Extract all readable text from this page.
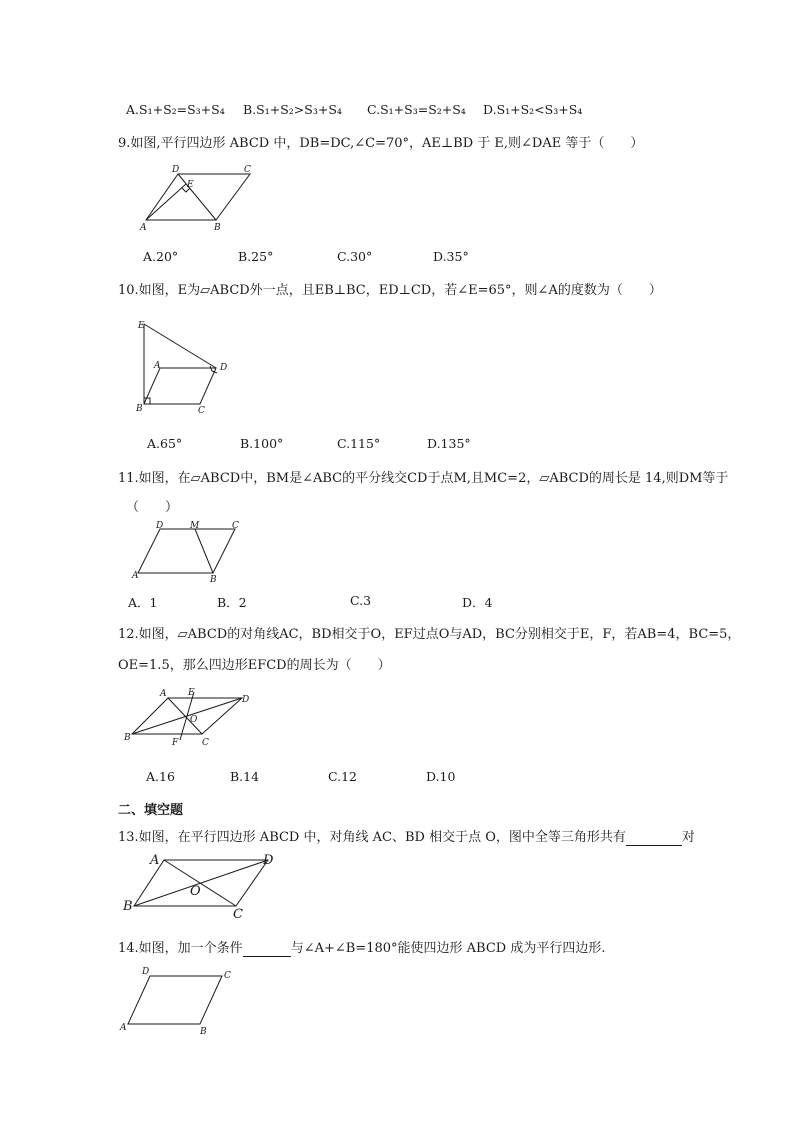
A.S₁+S₂=S₃+S₄ B.S₁+S₂>S₃+S₄ C.S₁+S₃=S₂+S₄ D.S₁+S₂<S₃+S₄
9.如图,平行四边形 ABCD 中，DB=DC,∠C=70°，AE⊥BD 于 E,则∠DAE 等于（　　）
D
E
C
A	B
A.20°	B.25°	C.30°	D.35°
10.如图，E为▱ABCD外一点，且EB⊥BC，ED⊥CD，若∠E=65°，则∠A的度数为（　　）
E
A	D
B	C
A.65°	B.100°	C.115°	D.135°
11.如图，在▱ABCD中，BM是∠ABC的平分线交CD于点M,且MC=2，▱ABCD的周长是 14,则DM等于
（　　）
D	M	C
A	B
A．1	B．2	C.3	D．4
12.如图，▱ABCD的对角线AC，BD相交于O，EF过点O与AD，BC分别相交于E，F，若AB=4，BC=5，
OE=1.5，那么四边形EFCD的周长为（　　）
A E
D
O
B	F	C
A.16	B.14	C.12	D.10
二、填空题
13.如图，在平行四边形 ABCD 中，对角线 AC、BD 相交于点 O，图中全等三角形共有	对
A	D
O
B
C
14.如图，加一个条件	与∠A+∠B=180°能使四边形 ABCD 成为平行四边形.
D	C
A	B
